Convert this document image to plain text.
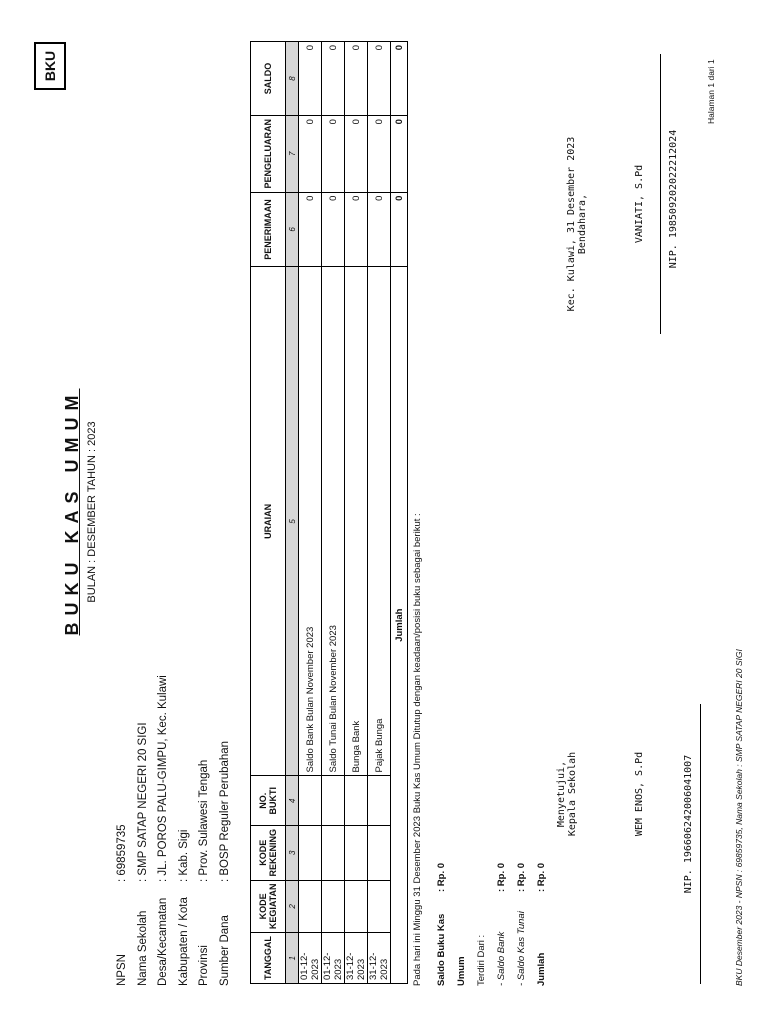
BUKU KAS UMUM BULAN : DESEMBER TAHUN : 2023
BKU
NPSN
: 69859735
Nama Sekolah
: SMP SATAP NEGERI 20 SIGI
Desa/Kecamatan
: JL. POROS PALU-GIMPU, Kec. Kulawi
Kabupaten / Kota
: Kab. Sigi
Provinsi
: Prov. Sulawesi Tengah
Sumber Dana
: BOSP Reguler Perubahan
TANGGAL	KODE KEGIATAN	KODE REKENING	NO. BUKTI	URAIAN	PENERIMAAN	PENGELUARAN	SALDO
1	2	3	4	5	6	7	8
01-12-2023				Saldo Bank Bulan November 2023	0	0	0
01-12-2023				Saldo Tunai Bulan November 2023	0	0	0
31-12-2023				Bunga Bank	0	0	0
31-12-2023				Pajak Bunga	0	0	0
Jumlah					0	0	0
Pada hari ini Minggu 31 Desember 2023 Buku Kas Umum Ditutup dengan keadaan/posisi buku sebagai berikut :	Saldo Buku Kas Umum
: Rp. 0
Terdiri Dari : - Saldo Bank
: Rp. 0
- Saldo Kas Tunai
: Rp. 0
Jumlah
: Rp. 0
Menyetujui, Kepala Sekolah	WEM ENOS, S.Pd	NIP. 196606242006041007
Kec. Kulawi, 31 Desember 2023 Bendahara,	VANIATI, S.Pd NIP. 198509202022212024
BKU Desember 2023 - NPSN : 69859735, Nama Sekolah : SMP SATAP NEGERI 20 SIGI
Halaman 1 dari 1
